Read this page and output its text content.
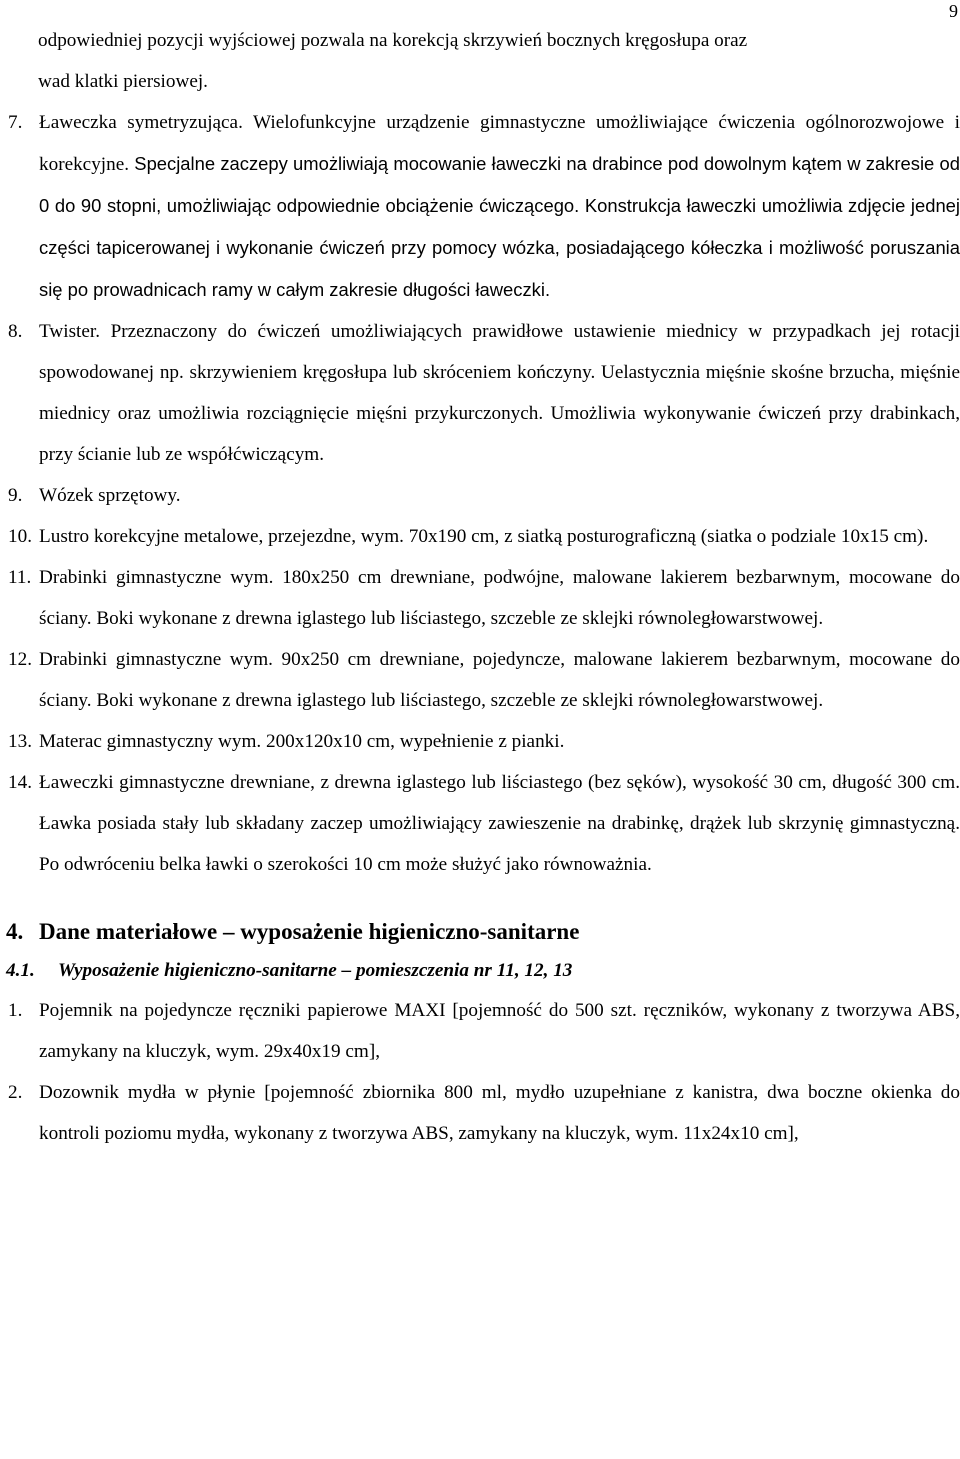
9

odpowiedniej pozycji wyjściowej pozwala na korekcją skrzywień bocznych kręgosłupa oraz
wad klatki piersiowej.

7. Ławeczka symetryzująca. Wielofunkcyjne urządzenie gimnastyczne umożliwiające ćwiczenia ogólnorozwojowe i korekcyjne. Specjalne zaczepy umożliwiają mocowanie ławeczki na drabince pod dowolnym kątem w zakresie od 0 do 90 stopni, umożliwiając odpowiednie obciążenie ćwiczącego. Konstrukcja ławeczki umożliwia zdjęcie jednej części tapicerowanej i wykonanie ćwiczeń przy pomocy wózka, posiadającego kółeczka i możliwość poruszania się po prowadnicach ramy w całym zakresie długości ławeczki.
8. Twister. Przeznaczony do ćwiczeń umożliwiających prawidłowe ustawienie miednicy w przypadkach jej rotacji spowodowanej np. skrzywieniem kręgosłupa lub skróceniem kończyny. Uelastycznia mięśnie skośne brzucha, mięśnie miednicy oraz umożliwia rozciągnięcie mięśni przykurczonych. Umożliwia wykonywanie ćwiczeń przy drabinkach, przy ścianie lub ze współćwiczącym.
9. Wózek sprzętowy.
10. Lustro korekcyjne metalowe, przejezdne, wym. 70x190 cm, z siatką posturograficzną (siatka o podziale 10x15 cm).
11. Drabinki gimnastyczne wym. 180x250 cm drewniane, podwójne, malowane lakierem bezbarwnym, mocowane do ściany. Boki wykonane z drewna iglastego lub liściastego, szczeble ze sklejki równoległowarstwowej.
12. Drabinki gimnastyczne wym. 90x250 cm drewniane, pojedyncze, malowane lakierem bezbarwnym, mocowane do ściany. Boki wykonane z drewna iglastego lub liściastego, szczeble ze sklejki równoległowarstwowej.
13. Materac gimnastyczny wym. 200x120x10 cm, wypełnienie z pianki.
14. Ławeczki gimnastyczne drewniane, z drewna iglastego lub liściastego (bez sęków), wysokość 30 cm, długość 300 cm. Ławka posiada stały lub składany zaczep umożliwiający zawieszenie na drabinkę, drążek lub skrzynię gimnastyczną. Po odwróceniu belka ławki o szerokości 10 cm może służyć jako równoważnia.
4. Dane materiałowe – wyposażenie higieniczno-sanitarne
4.1.	Wyposażenie higieniczno-sanitarne – pomieszczenia nr 11, 12, 13
1. Pojemnik na pojedyncze ręczniki papierowe MAXI [pojemność do 500 szt. ręczników, wykonany z tworzywa ABS, zamykany na kluczyk, wym. 29x40x19 cm],
2. Dozownik mydła w płynie [pojemność zbiornika 800 ml, mydło uzupełniane z kanistra, dwa boczne okienka do kontroli poziomu mydła, wykonany z tworzywa ABS, zamykany na kluczyk, wym. 11x24x10 cm],
